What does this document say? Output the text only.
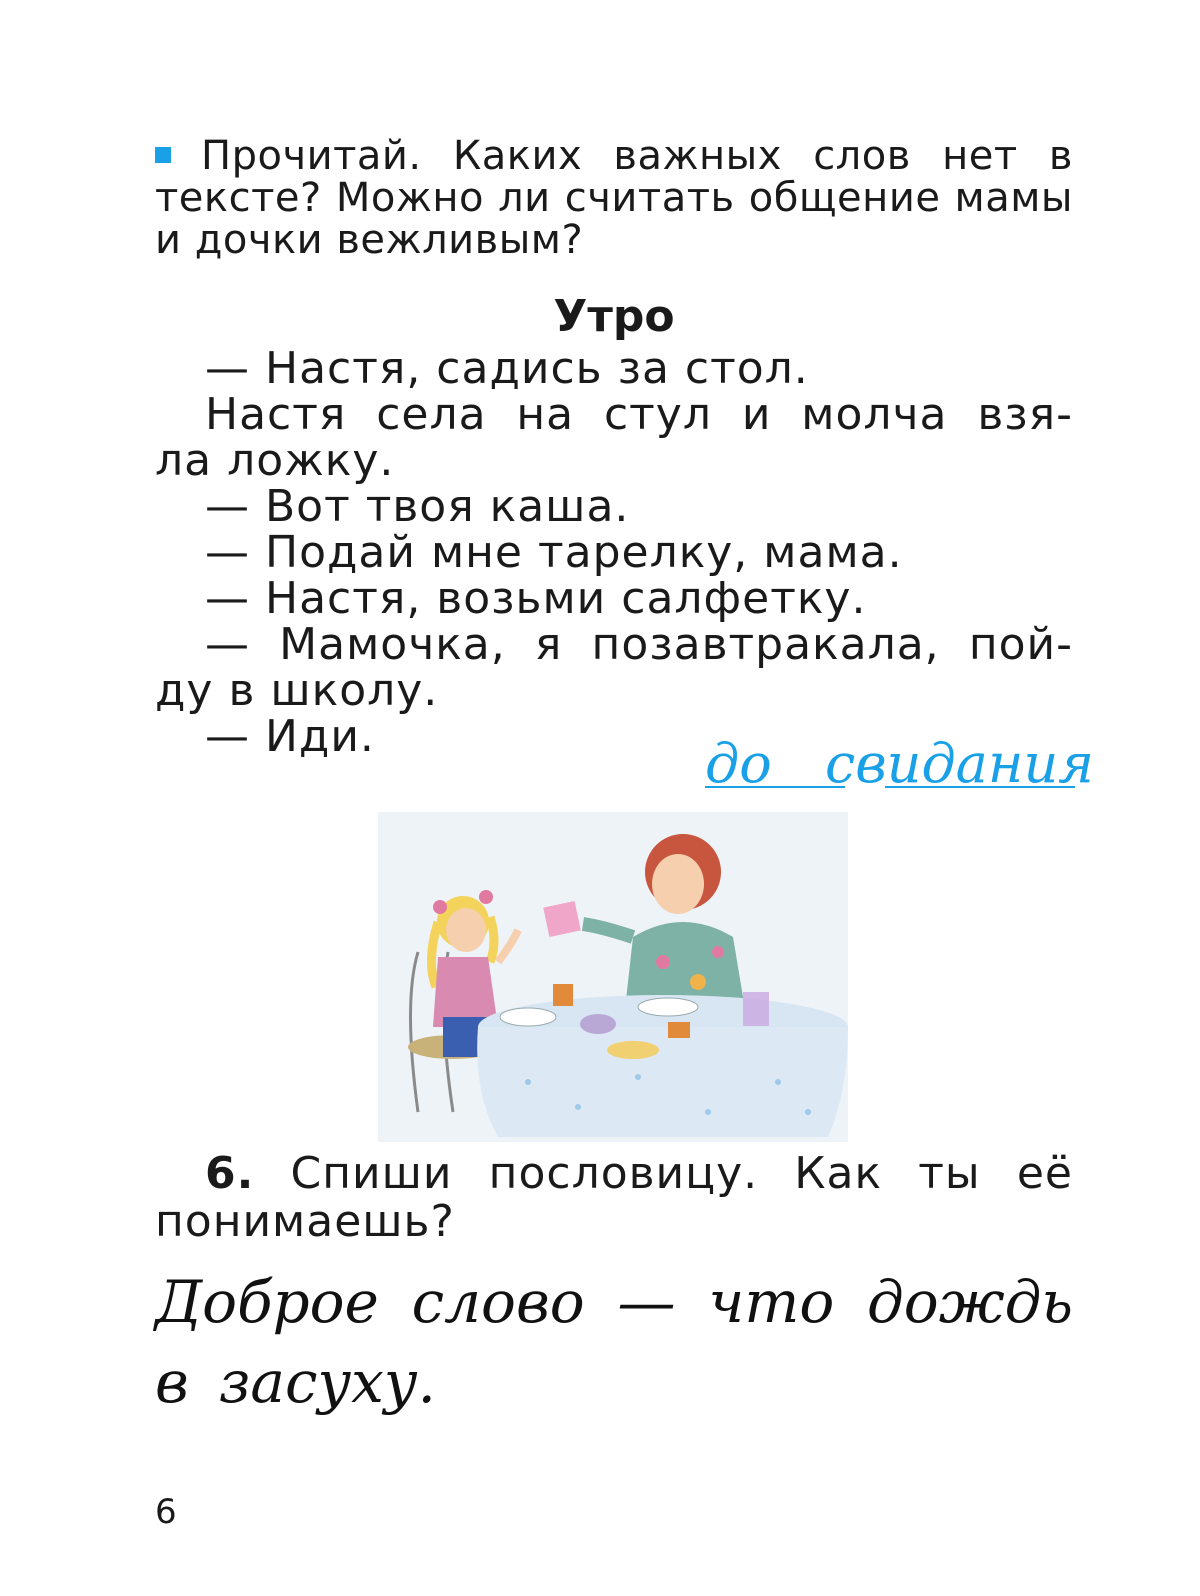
Прочитай. Каких важных слов нет в тексте? Можно ли считать общение мамы и дочки вежливым?
Утро

— Настя, садись за стол.

Настя села на стул и молча взя-

ла ложку.

— Вот твоя каша.

— Подай мне тарелку, мама.

— Настя, возьми салфетку.

— Мамочка, я позавтракала, пой-

ду в школу.

— Иди.	до свидания
6. Спиши пословицу. Как ты её понимаешь?
Доброе слово — что дождь
в засуху.
6
